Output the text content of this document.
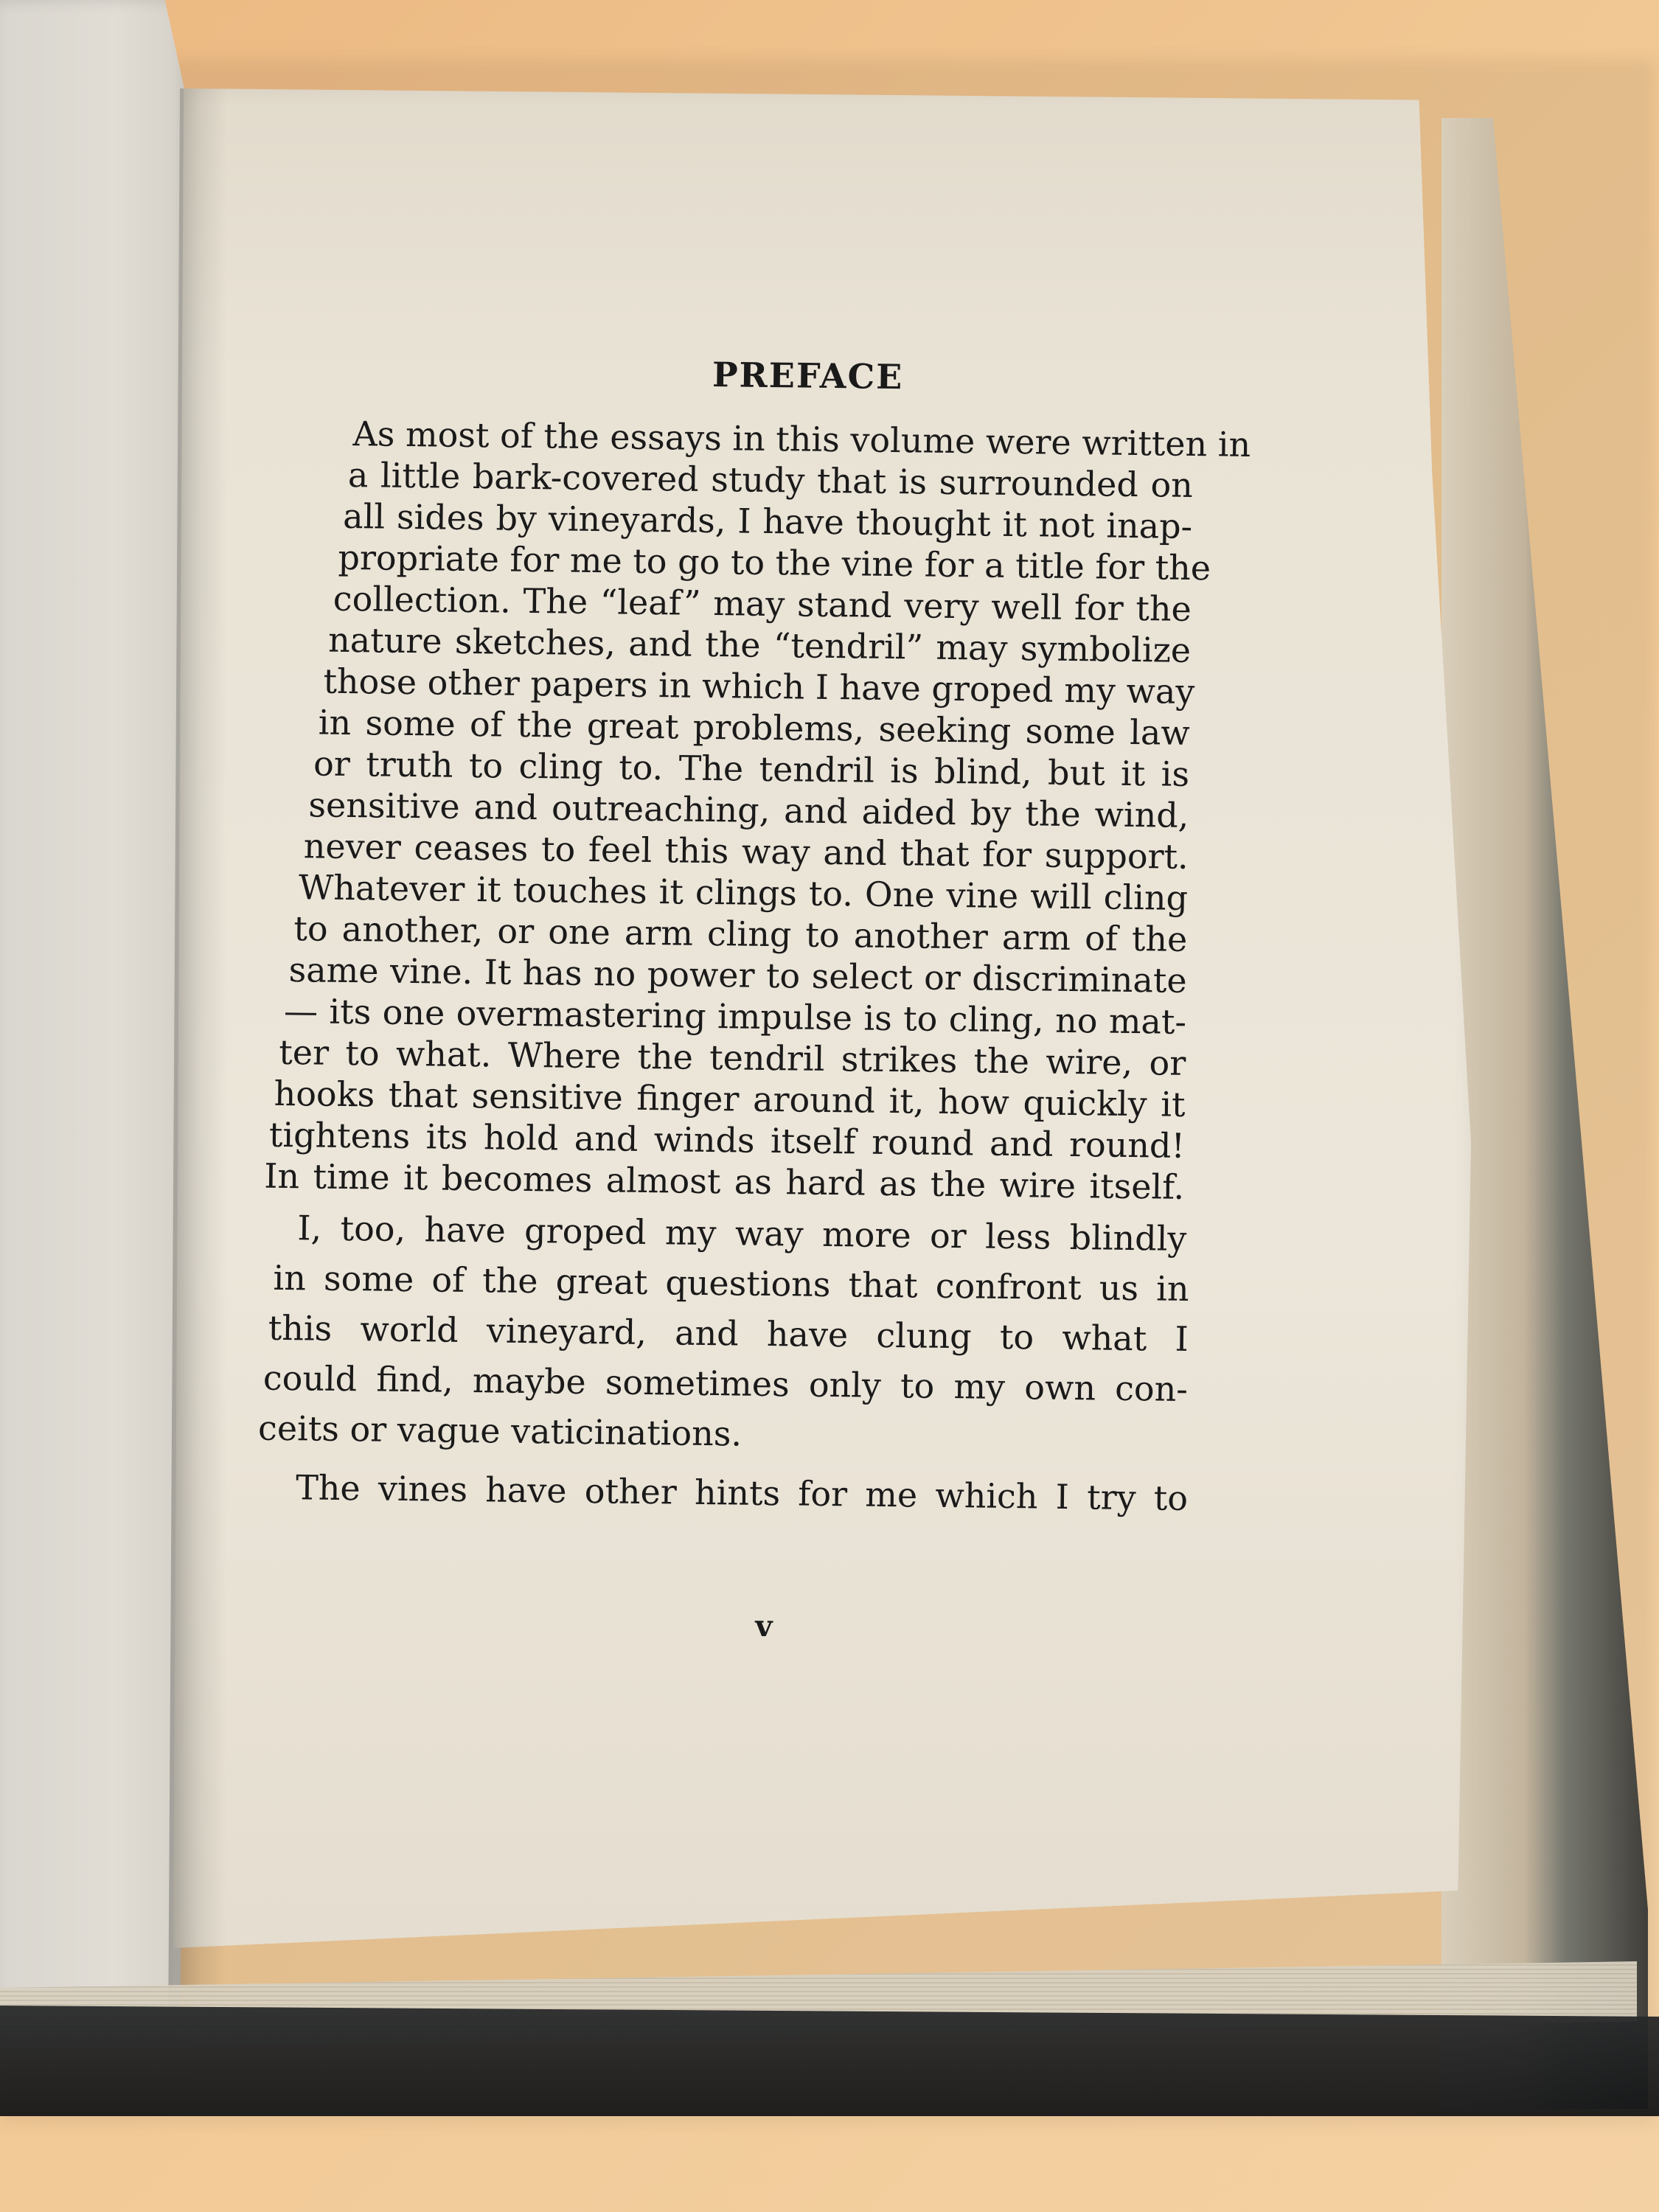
PREFACE
As most of the essays in this volume were written in
a little bark-covered study that is surrounded on
all sides by vineyards, I have thought it not inap-
propriate for me to go to the vine for a title for the
collection. The “leaf” may stand very well for the
nature sketches, and the “tendril” may symbolize
those other papers in which I have groped my way
in some of the great problems, seeking some law
or truth to cling to. The tendril is blind, but it is
sensitive and outreaching, and aided by the wind,
never ceases to feel this way and that for support.
Whatever it touches it clings to. One vine will cling
to another, or one arm cling to another arm of the
same vine. It has no power to select or discriminate
— its one overmastering impulse is to cling, no mat-
ter to what. Where the tendril strikes the wire, or
hooks that sensitive finger around it, how quickly it
tightens its hold and winds itself round and round!
In time it becomes almost as hard as the wire itself.
I, too, have groped my way more or less blindly
in some of the great questions that confront us in
this world vineyard, and have clung to what I
could find, maybe sometimes only to my own con-
ceits or vague vaticinations.
The vines have other hints for me which I try to
v
